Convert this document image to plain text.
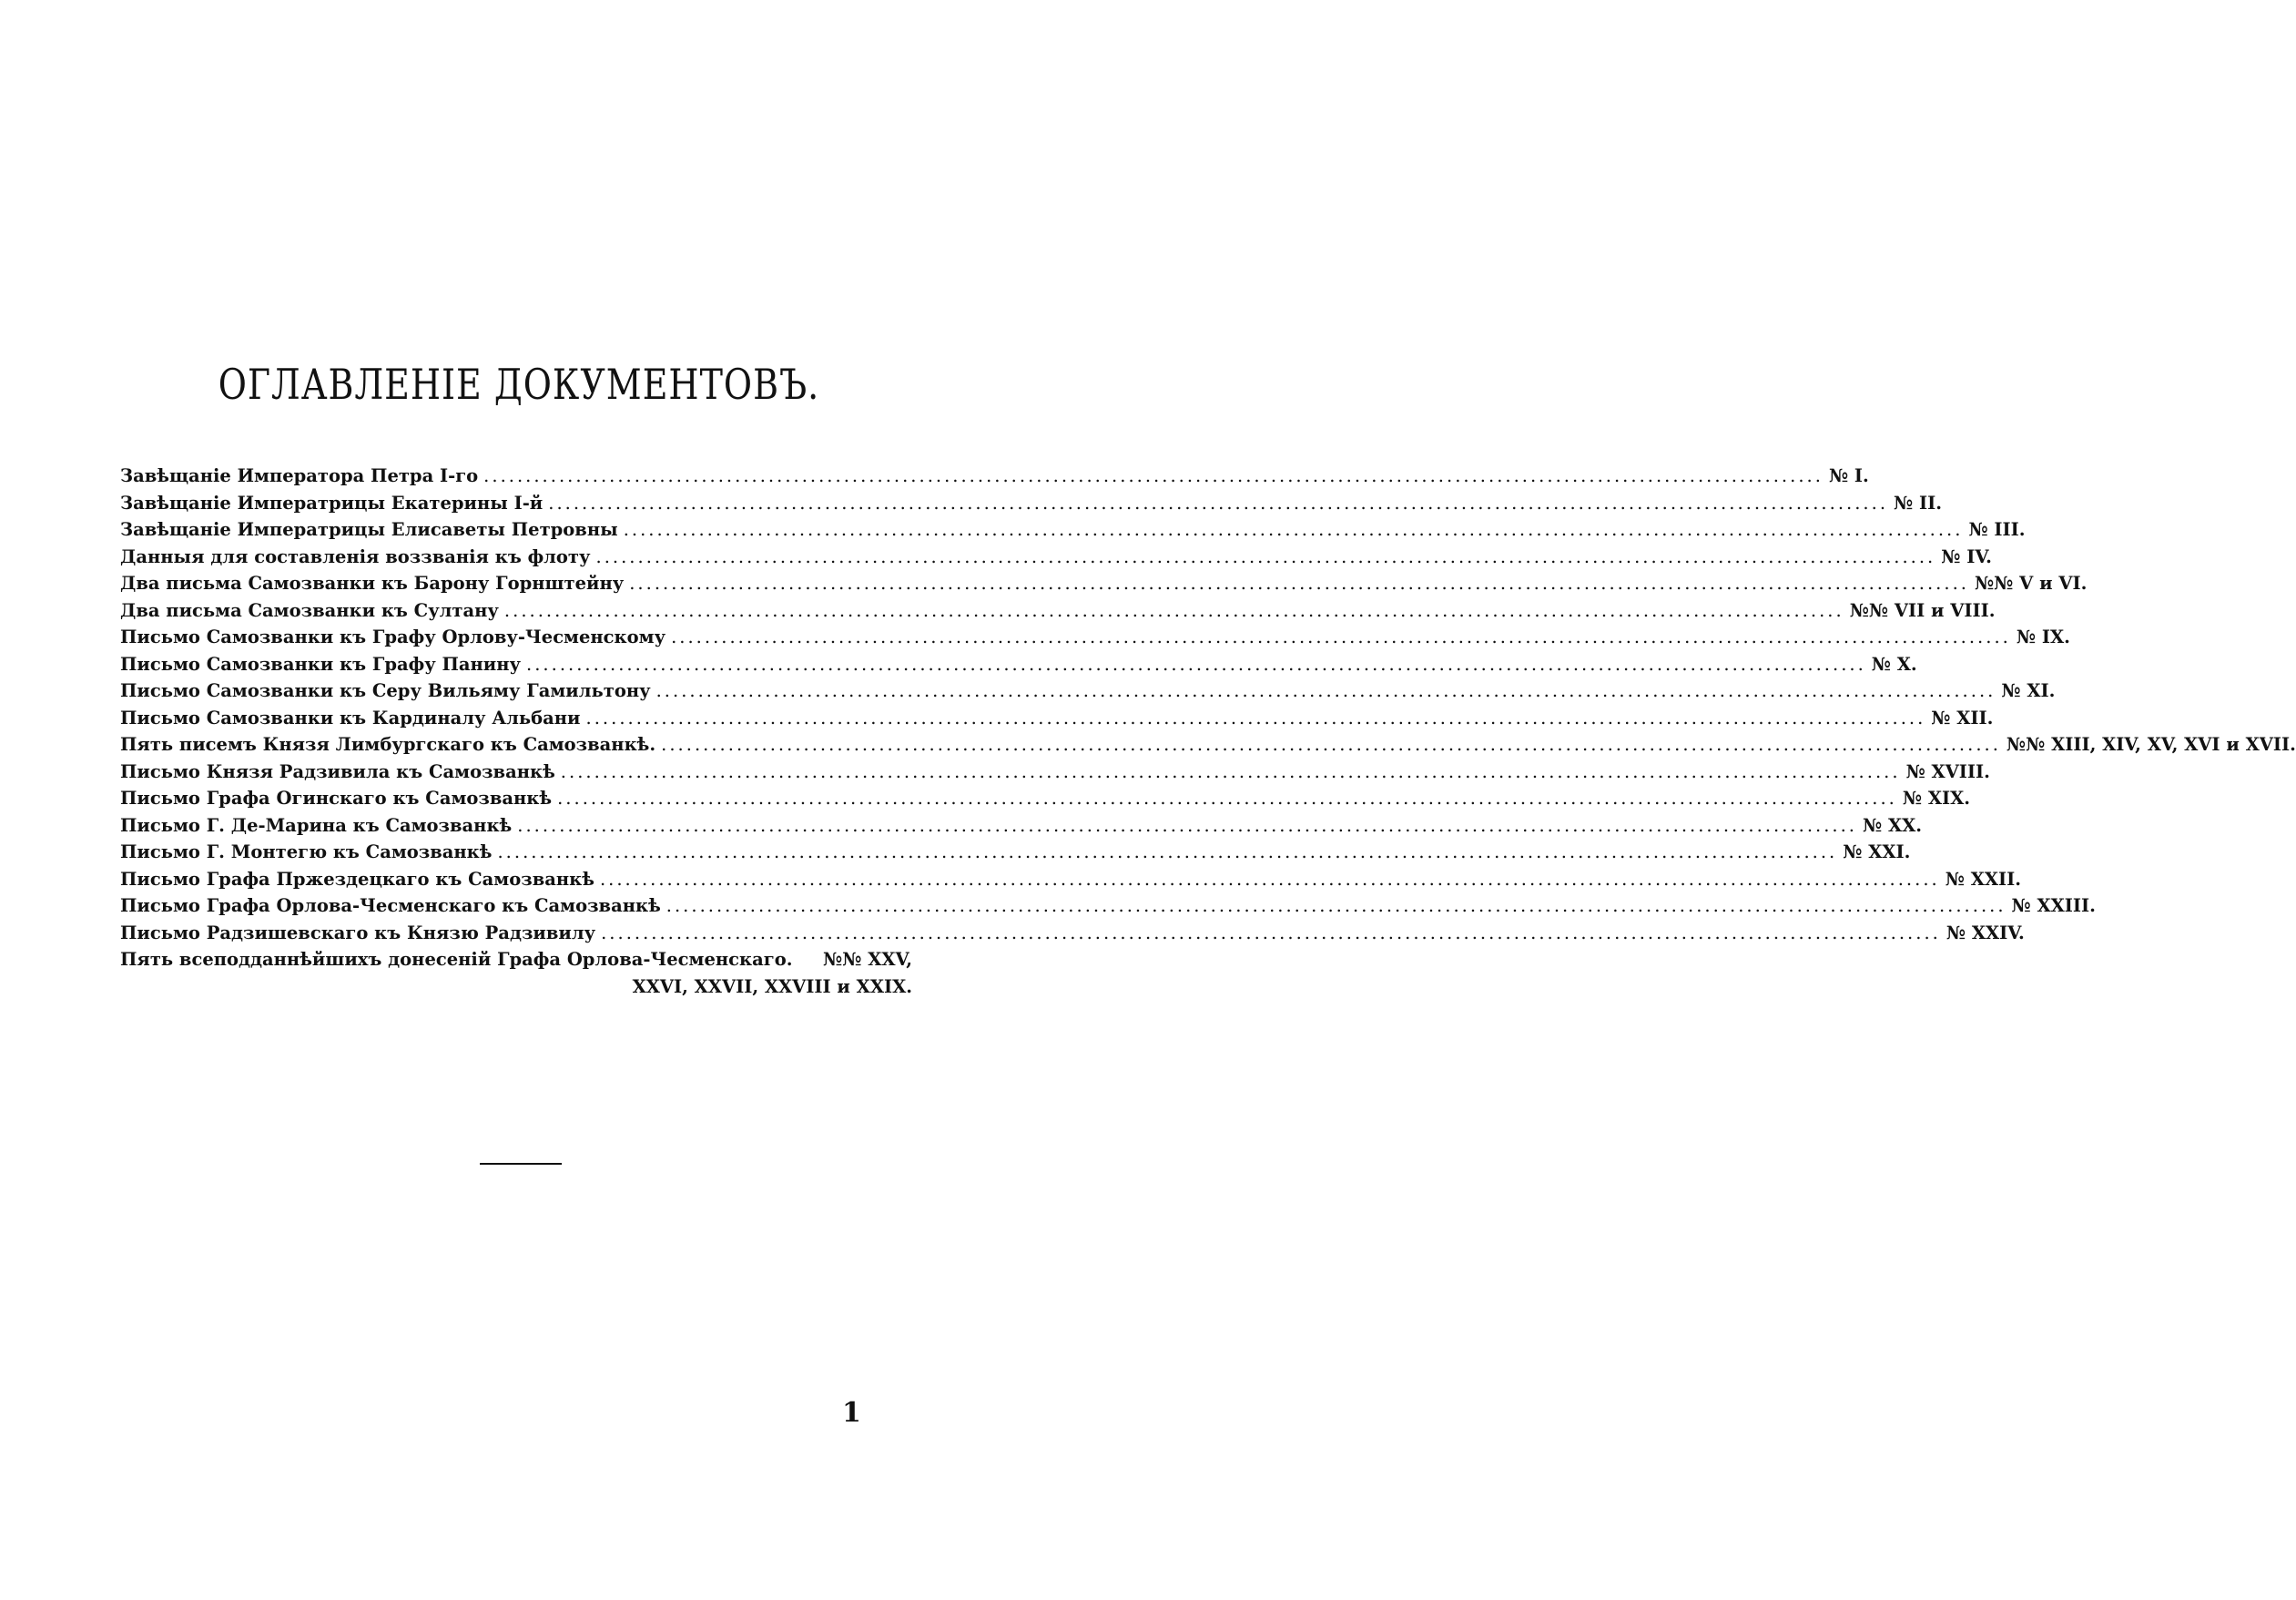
ОГЛАВЛЕНІЕ ДОКУМЕНТОВЪ.
Завѣщаніе Императора Петра I-го .....	№ I.
Завѣщаніе Императрицы Екатерины I-й .....	№ II.
Завѣщаніе Императрицы Елисаветы Петровны .....	№ III.
Данныя для составленія воззванія къ флоту .....	№ IV.
Два письма Самозванки къ Барону Горнштейну .....	№№ V и VI.
Два письма Самозванки къ Султану .....	№№ VII и VIII.
Письмо Самозванки къ Графу Орлову-Чесменскому .....	№ IX.
Письмо Самозванки къ Графу Панину .....	№ X.
Письмо Самозванки къ Серу Вильяму Гамильтону .....	№ XI.
Письмо Самозванки къ Кардиналу Альбани .....	№ XII.
Пять писемъ Князя Лимбургскаго къ Самозванкѣ. .....	№№ XIII, XIV, XV, XVI и XVII.
Письмо Князя Радзивила къ Самозванкѣ .....	№ XVIII.
Письмо Графа Огинскаго къ Самозванкѣ .....	№ XIX.
Письмо Г. Де-Марина къ Самозванкѣ .....	№ XX.
Письмо Г. Монтегю къ Самозванкѣ .....	№ XXI.
Письмо Графа Пржездецкаго къ Самозванкѣ .....	№ XXII.
Письмо Графа Орлова-Чесменскаго къ Самозванкѣ .....	№ XXIII.
Письмо Радзишевскаго къ Князю Радзивилу .....	№ XXIV.
Пять всеподданнѣйшихъ донесеній Графа Орлова-Чесменскаго. №№ XXV,
XXVI, XXVII, XXVIII и XXIX.
1
